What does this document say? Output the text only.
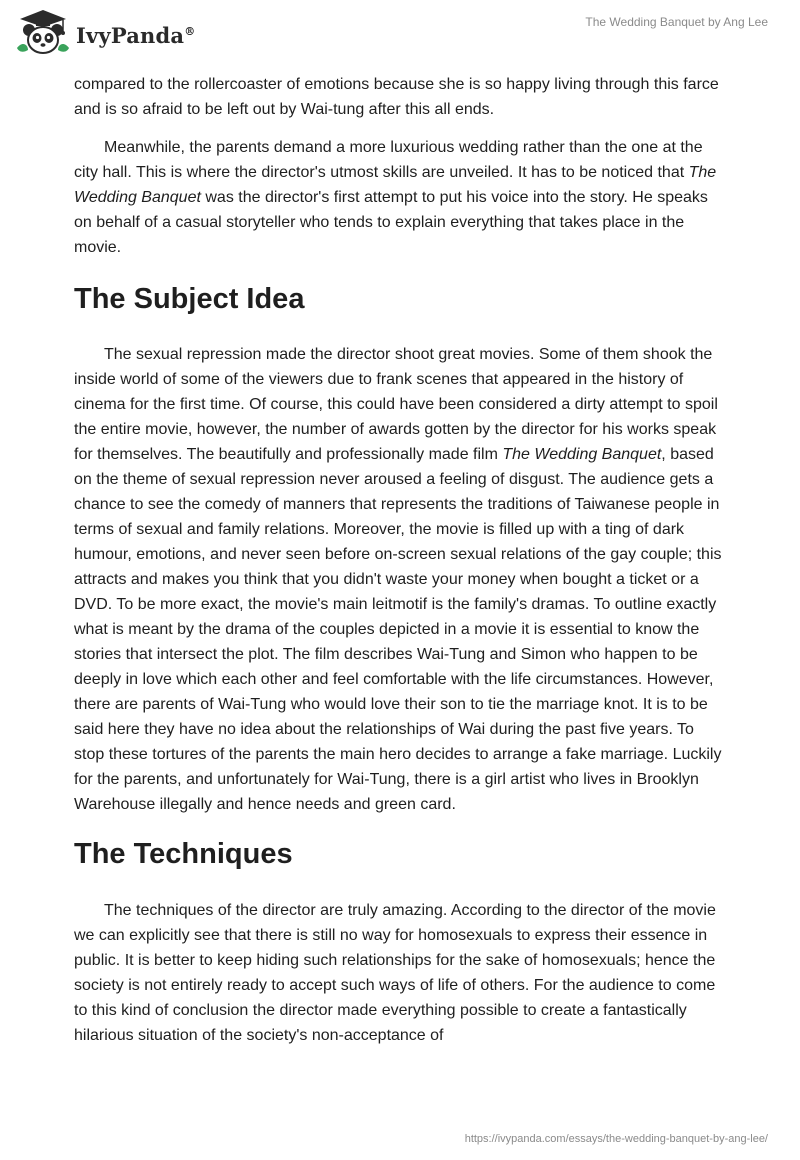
IvyPanda®
The Wedding Banquet by Ang Lee

compared to the rollercoaster of emotions because she is so happy living through this farce and is so afraid to be left out by Wai-tung after this all ends.

Meanwhile, the parents demand a more luxurious wedding rather than the one at the city hall. This is where the director's utmost skills are unveiled. It has to be noticed that The Wedding Banquet was the director's first attempt to put his voice into the story. He speaks on behalf of a casual storyteller who tends to explain everything that takes place in the movie.

The Subject Idea

The sexual repression made the director shoot great movies. Some of them shook the inside world of some of the viewers due to frank scenes that appeared in the history of cinema for the first time. Of course, this could have been considered a dirty attempt to spoil the entire movie, however, the number of awards gotten by the director for his works speak for themselves. The beautifully and professionally made film The Wedding Banquet, based on the theme of sexual repression never aroused a feeling of disgust. The audience gets a chance to see the comedy of manners that represents the traditions of Taiwanese people in terms of sexual and family relations. Moreover, the movie is filled up with a ting of dark humour, emotions, and never seen before on-screen sexual relations of the gay couple; this attracts and makes you think that you didn't waste your money when bought a ticket or a DVD. To be more exact, the movie's main leitmotif is the family's dramas. To outline exactly what is meant by the drama of the couples depicted in a movie it is essential to know the stories that intersect the plot. The film describes Wai-Tung and Simon who happen to be deeply in love which each other and feel comfortable with the life circumstances. However, there are parents of Wai-Tung who would love their son to tie the marriage knot. It is to be said here they have no idea about the relationships of Wai during the past five years. To stop these tortures of the parents the main hero decides to arrange a fake marriage. Luckily for the parents, and unfortunately for Wai-Tung, there is a girl artist who lives in Brooklyn Warehouse illegally and hence needs and green card.

The Techniques

The techniques of the director are truly amazing. According to the director of the movie we can explicitly see that there is still no way for homosexuals to express their essence in public. It is better to keep hiding such relationships for the sake of homosexuals; hence the society is not entirely ready to accept such ways of life of others. For the audience to come to this kind of conclusion the director made everything possible to create a fantastically hilarious situation of the society's non-acceptance of

https://ivypanda.com/essays/the-wedding-banquet-by-ang-lee/
